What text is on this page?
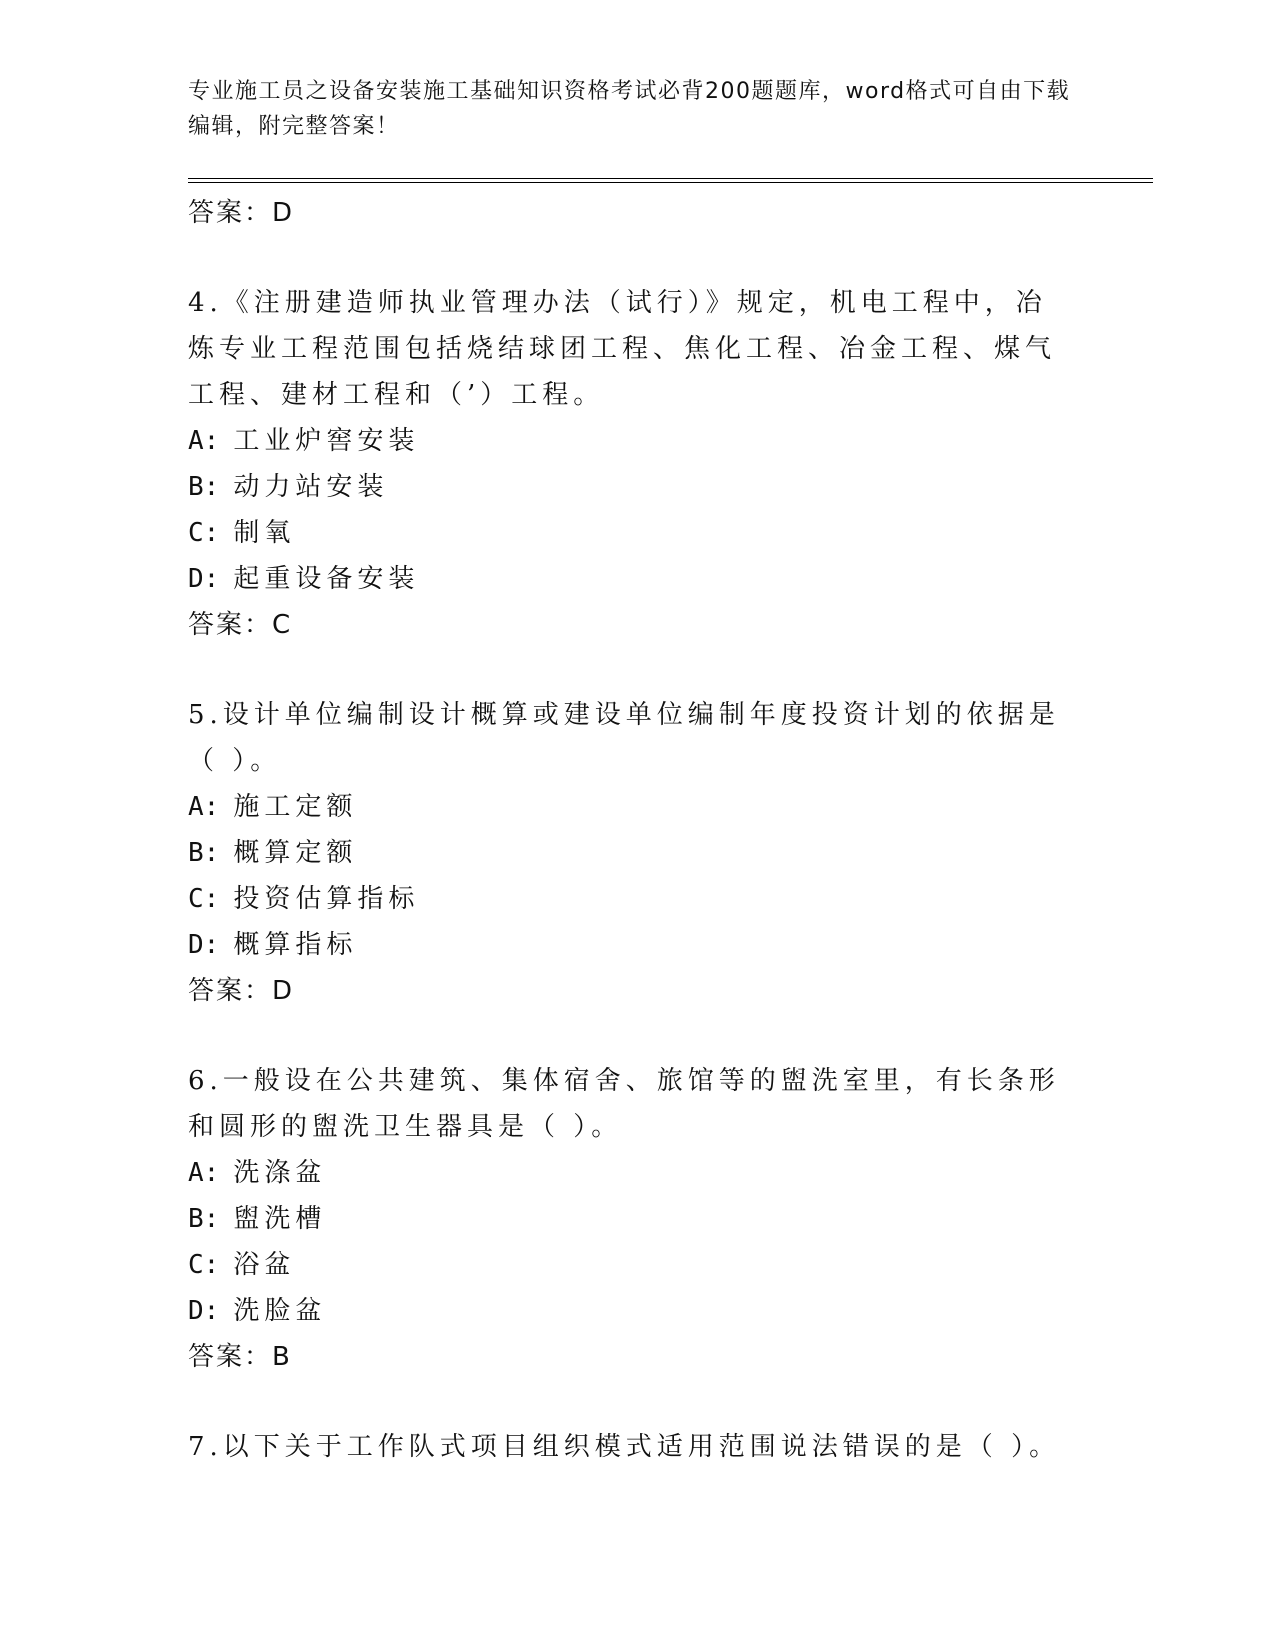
专业施工员之设备安装施工基础知识资格考试必背200题题库，word格式可自由下载编辑，附完整答案！

答案：D

4.《注册建造师执业管理办法（试行）》规定，机电工程中，冶炼专业工程范围包括烧结球团工程、焦化工程、冶金工程、煤气工程、建材工程和（’）工程。

A: 工业炉窖安装

B: 动力站安装

C: 制氧

D: 起重设备安装

答案：C

5.设计单位编制设计概算或建设单位编制年度投资计划的依据是（ ）。

A: 施工定额

B: 概算定额

C: 投资估算指标

D: 概算指标

答案：D

6.一般设在公共建筑、集体宿舍、旅馆等的盥洗室里，有长条形和圆形的盥洗卫生器具是（ ）。

A: 洗涤盆

B: 盥洗槽

C: 浴盆

D: 洗脸盆

答案：B

7.以下关于工作队式项目组织模式适用范围说法错误的是（ ）。
